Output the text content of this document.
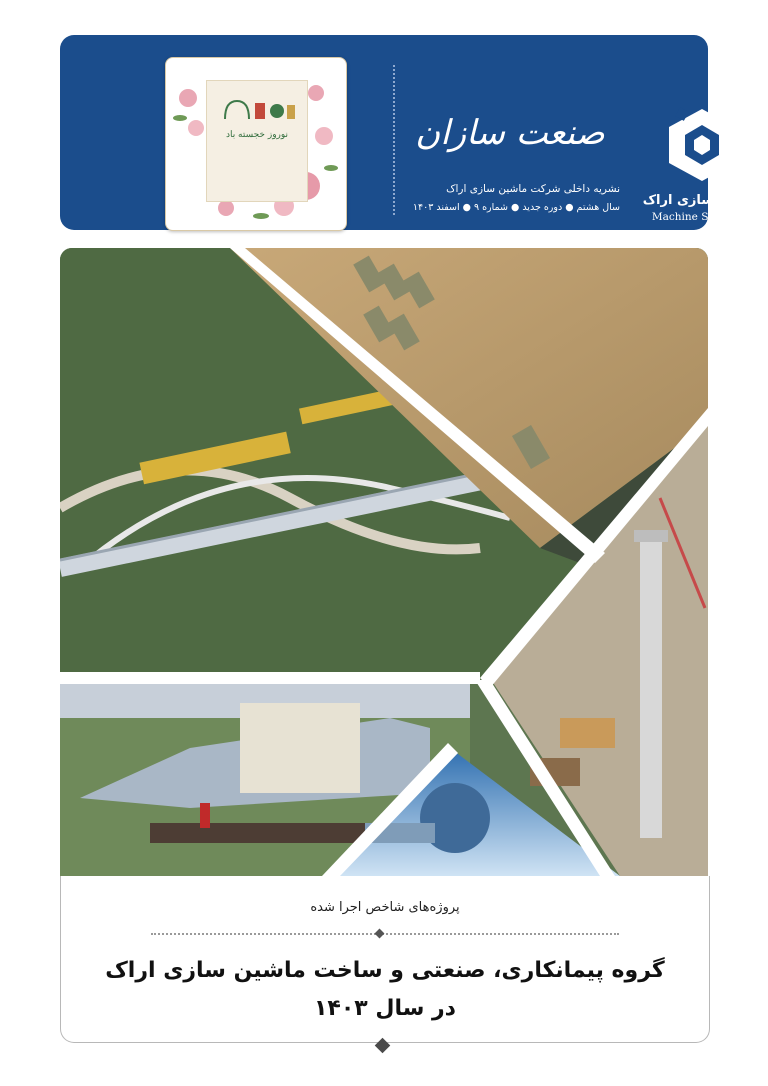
نوروز خجسته باد	صنعت سازان
نشریه داخلی شرکت ماشین سازی اراک
سال هشتم ● دوره جدید ● شماره ۹ ● اسفند ۱۴۰۳	ماشین سازی اراک
Machine Sazi Arak
پروژه‌های شاخص اجرا شده
گروه پیمانکاری، صنعتی و ساخت ماشین سازی اراک
در سال ۱۴۰۳
